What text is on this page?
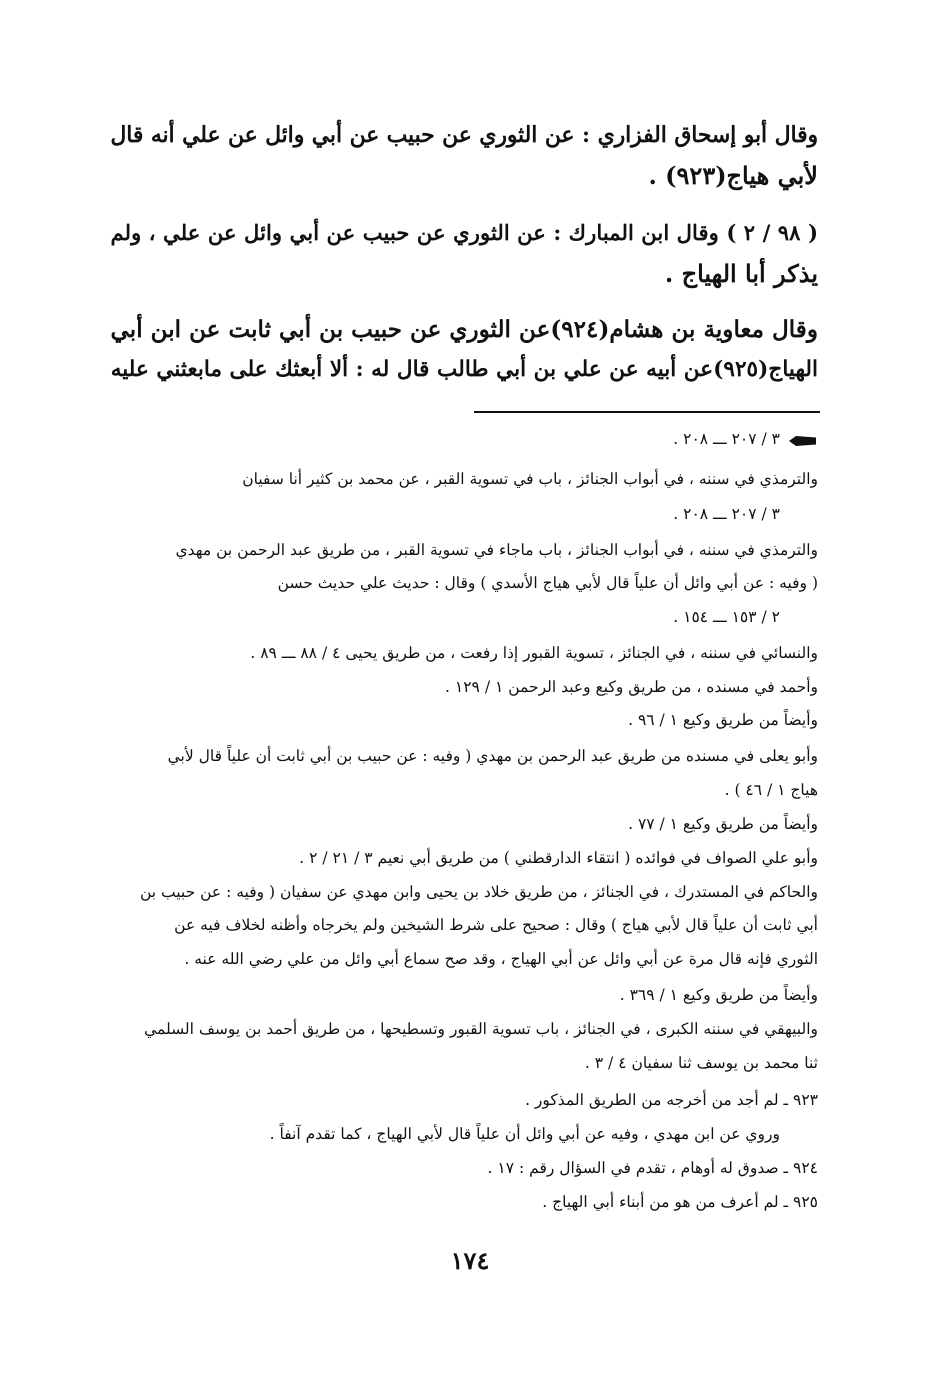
وقال أبو إسحاق الفزاري : عن الثوري عن حبيب عن أبي وائل عن علي أنه قال
لأبي هياج(٩٢٣) .
( ٩٨ / ٢ ) وقال ابن المبارك : عن الثوري عن حبيب عن أبي وائل عن علي ، ولم
يذكر أبا الهياج .
وقال معاوية بن هشام(٩٢٤)عن الثوري عن حبيب بن أبي ثابت عن ابن أبي
الهياج(٩٢٥)عن أبيه عن علي بن أبي طالب قال له : ألا أبعثك على مابعثني عليه
٣ / ٢٠٧ ـــ ٢٠٨ .
والترمذي في سننه ، في أبواب الجنائز ، باب في تسوية القبر ، عن محمد بن كثير أنا سفيان
٣ / ٢٠٧ ـــ ٢٠٨ .
والترمذي في سننه ، في أبواب الجنائز ، باب ماجاء في تسوية القبر ، من طريق عبد الرحمن بن مهدي
( وفيه : عن أبي وائل أن علياً قال لأبي هياج الأسدي ) وقال : حديث علي حديث حسن
٢ / ١٥٣ ـــ ١٥٤ .
والنسائي في سننه ، في الجنائز ، تسوية القبور إذا رفعت ، من طريق يحيى ٤ / ٨٨ ـــ ٨٩ .
وأحمد في مسنده ، من طريق وكيع وعبد الرحمن ١ / ١٢٩ .
وأيضاً من طريق وكيع ١ / ٩٦ .
وأبو يعلى في مسنده من طريق عبد الرحمن بن مهدي ( وفيه : عن حبيب بن أبي ثابت أن علياً قال لأبي
هياج ١ / ٤٦ ) .
وأيضاً من طريق وكيع ١ / ٧٧ .
وأبو علي الصواف في فوائده ( انتقاء الدارقطني ) من طريق أبي نعيم ٣ / ٢١ / ٢ .
والحاكم في المستدرك ، في الجنائز ، من طريق خلاد بن يحيى وابن مهدي عن سفيان ( وفيه : عن حبيب بن
أبي ثابت أن علياً قال لأبي هياج ) وقال : صحيح على شرط الشيخين ولم يخرجاه وأظنه لخلاف فيه عن
الثوري فإنه قال مرة عن أبي وائل عن أبي الهياج ، وقد صح سماع أبي وائل من علي رضي الله عنه .
وأيضاً من طريق وكيع ١ / ٣٦٩ .
والبيهقي في سننه الكبرى ، في الجنائز ، باب تسوية القبور وتسطيحها ، من طريق أحمد بن يوسف السلمي
ثنا محمد بن يوسف ثنا سفيان ٤ / ٣ .
٩٢٣ ـ لم أجد من أخرجه من الطريق المذكور .
وروي عن ابن مهدي ، وفيه عن أبي وائل أن علياً قال لأبي الهياج ، كما تقدم آنفاً .
٩٢٤ ـ صدوق له أوهام ، تقدم في السؤال رقم : ١٧ .
٩٢٥ ـ لم أعرف من هو من أبناء أبي الهياج .
١٧٤
